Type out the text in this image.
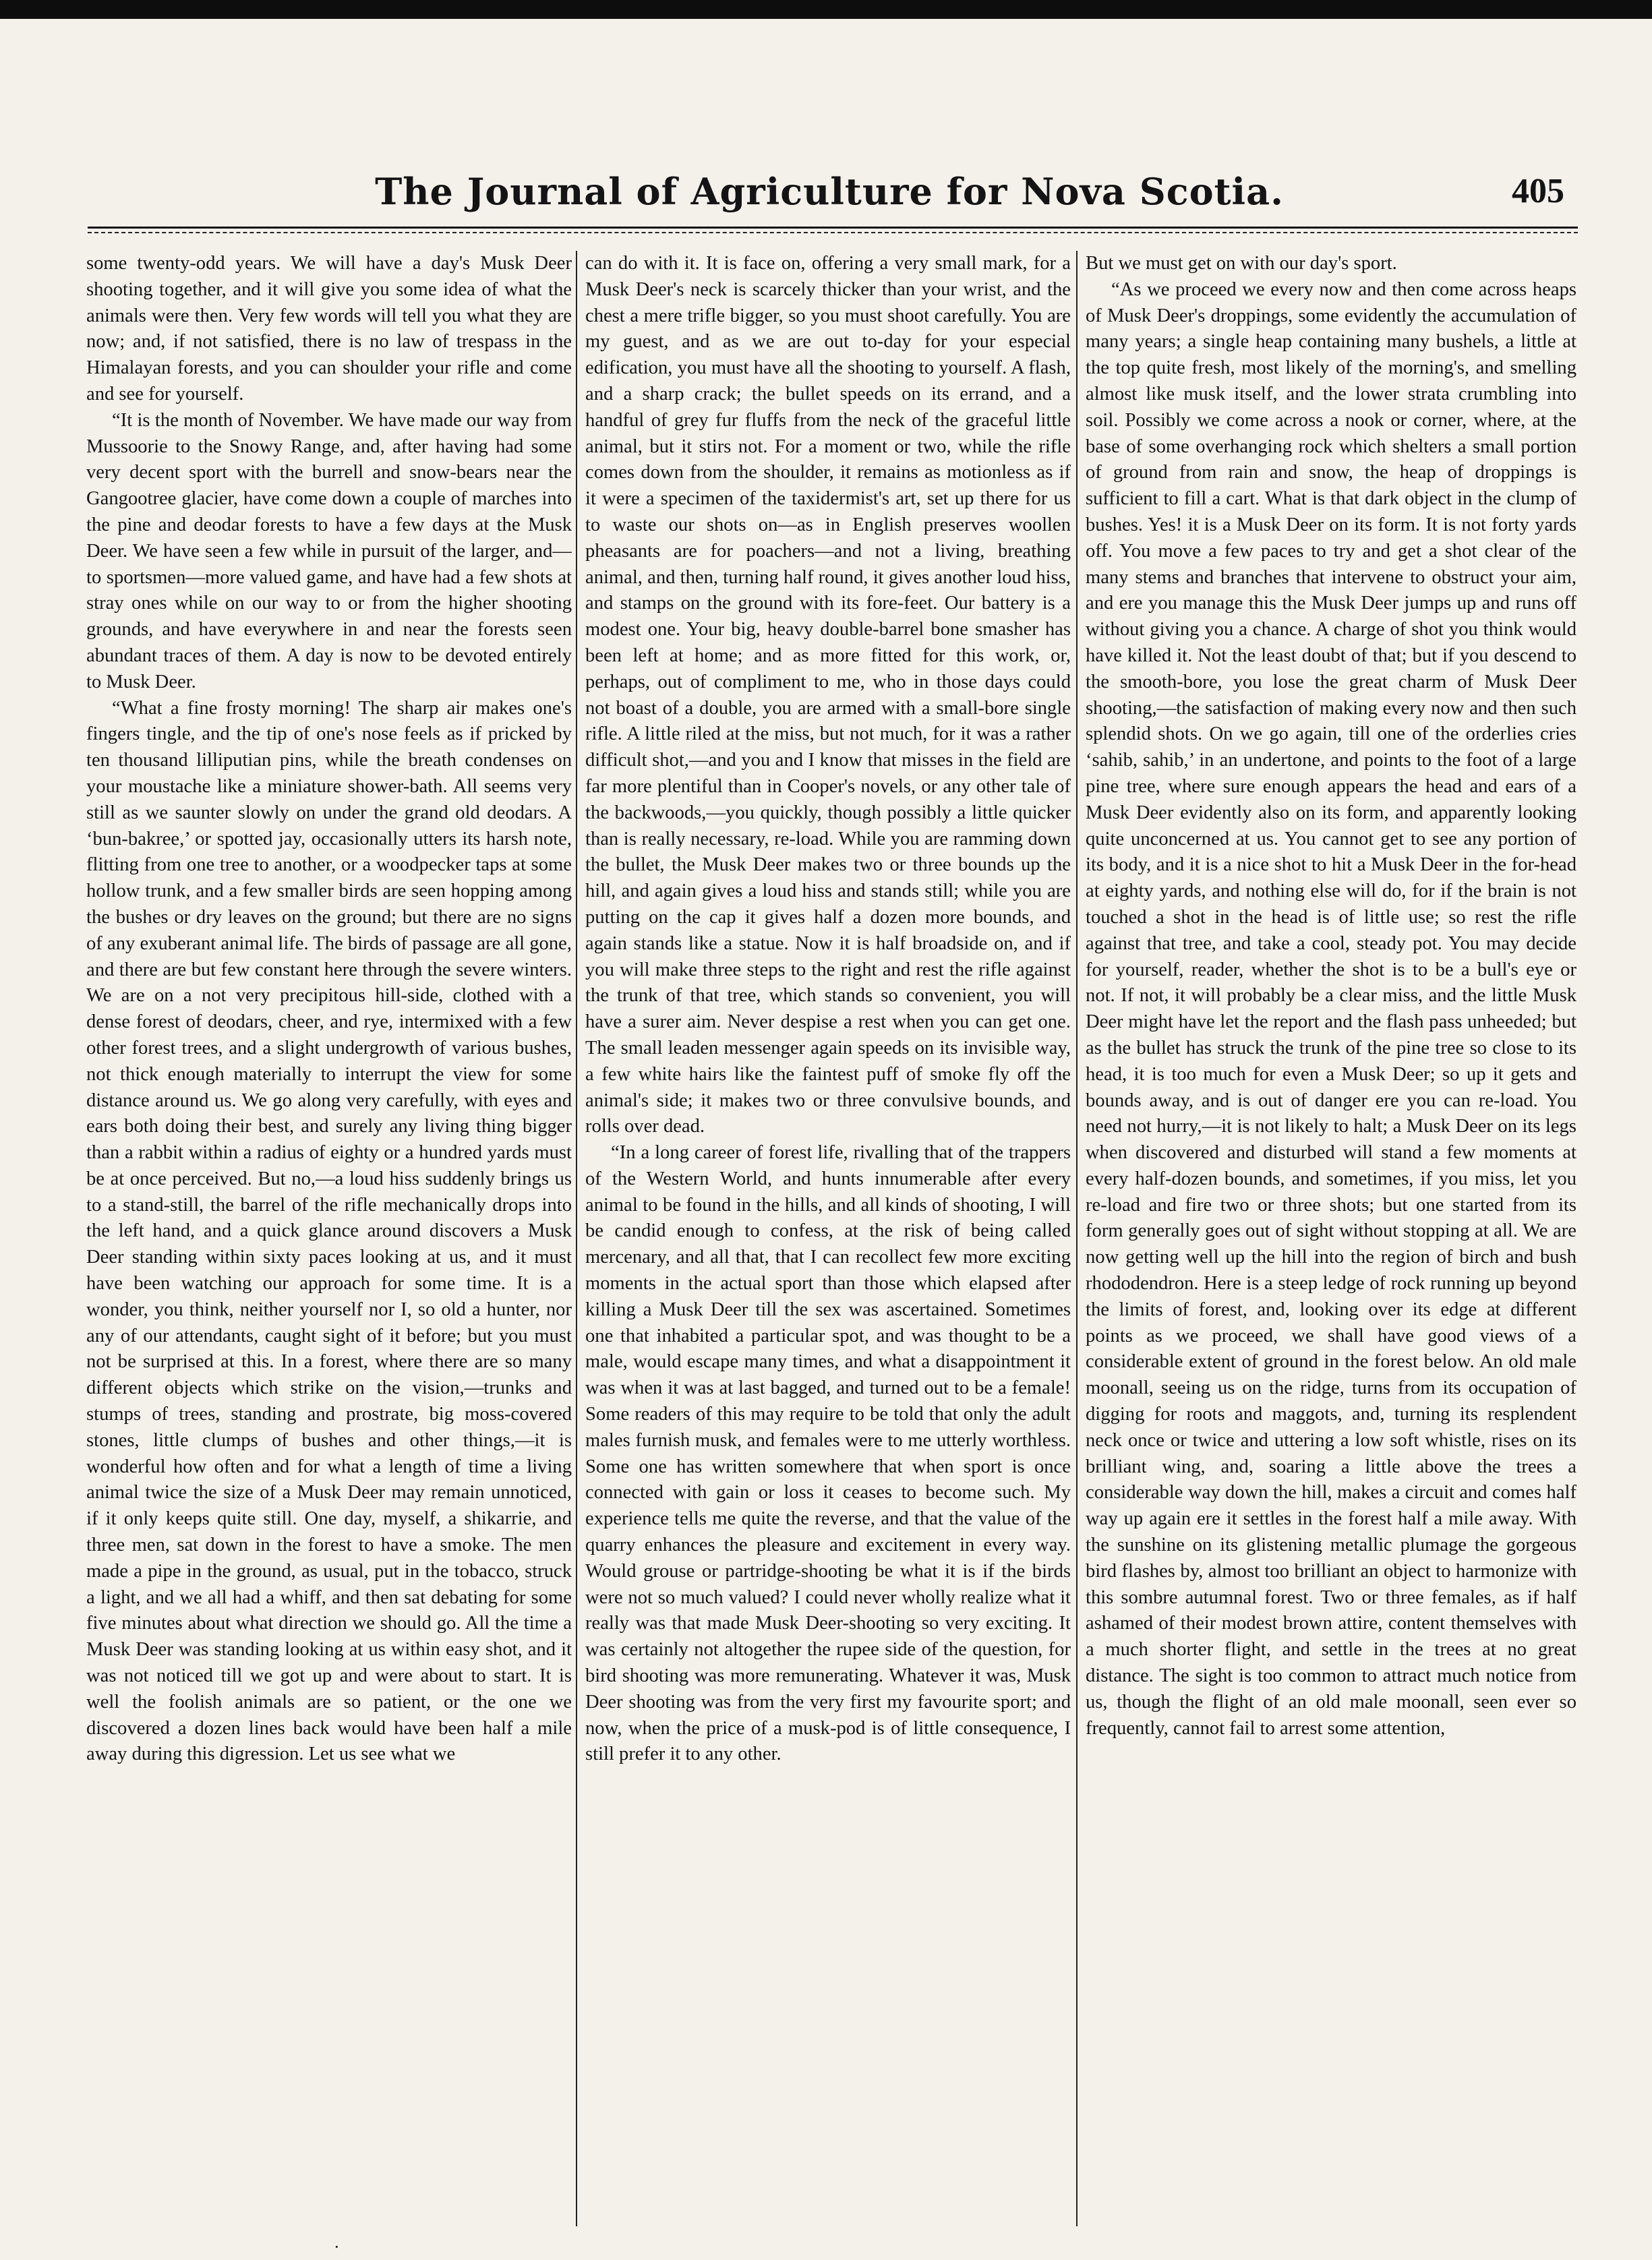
The Journal of Agriculture for Nova Scotia.	405

some twenty-odd years. We will have a day's Musk Deer shooting together, and it will give you some idea of what the animals were then. Very few words will tell you what they are now; and, if not satisfied, there is no law of trespass in the Himalayan forests, and you can shoulder your rifle and come and see for yourself.

“It is the month of November. We have made our way from Mussoorie to the Snowy Range, and, after having had some very decent sport with the burrell and snow-bears near the Gangootree glacier, have come down a couple of marches into the pine and deodar forests to have a few days at the Musk Deer. We have seen a few while in pursuit of the larger, and—to sportsmen—more valued game, and have had a few shots at stray ones while on our way to or from the higher shooting grounds, and have everywhere in and near the forests seen abundant traces of them. A day is now to be devoted entirely to Musk Deer.

“What a fine frosty morning! The sharp air makes one's fingers tingle, and the tip of one's nose feels as if pricked by ten thousand lilliputian pins, while the breath condenses on your moustache like a miniature shower-bath. All seems very still as we saunter slowly on under the grand old deodars. A ‘bun-bakree,’ or spotted jay, occasionally utters its harsh note, flitting from one tree to another, or a woodpecker taps at some hollow trunk, and a few smaller birds are seen hopping among the bushes or dry leaves on the ground; but there are no signs of any exuberant animal life. The birds of passage are all gone, and there are but few constant here through the severe winters. We are on a not very precipitous hill-side, clothed with a dense forest of deodars, cheer, and rye, intermixed with a few other forest trees, and a slight undergrowth of various bushes, not thick enough materially to interrupt the view for some distance around us. We go along very carefully, with eyes and ears both doing their best, and surely any living thing bigger than a rabbit within a radius of eighty or a hundred yards must be at once perceived. But no,—a loud hiss suddenly brings us to a stand-still, the barrel of the rifle mechanically drops into the left hand, and a quick glance around discovers a Musk Deer standing within sixty paces looking at us, and it must have been watching our approach for some time. It is a wonder, you think, neither yourself nor I, so old a hunter, nor any of our attendants, caught sight of it before; but you must not be surprised at this. In a forest, where there are so many different objects which strike on the vision,—trunks and stumps of trees, standing and prostrate, big moss-covered stones, little clumps of bushes and other things,—it is wonderful how often and for what a length of time a living animal twice the size of a Musk Deer may remain unnoticed, if it only keeps quite still. One day, myself, a shikarrie, and three men, sat down in the forest to have a smoke. The men made a pipe in the ground, as usual, put in the tobacco, struck a light, and we all had a whiff, and then sat debating for some five minutes about what direction we should go. All the time a Musk Deer was standing looking at us within easy shot, and it was not noticed till we got up and were about to start. It is well the foolish animals are so patient, or the one we discovered a dozen lines back would have been half a mile away during this digression. Let us see what we

can do with it. It is face on, offering a very small mark, for a Musk Deer's neck is scarcely thicker than your wrist, and the chest a mere trifle bigger, so you must shoot carefully. You are my guest, and as we are out to-day for your especial edification, you must have all the shooting to yourself. A flash, and a sharp crack; the bullet speeds on its errand, and a handful of grey fur fluffs from the neck of the graceful little animal, but it stirs not. For a moment or two, while the rifle comes down from the shoulder, it remains as motionless as if it were a specimen of the taxidermist's art, set up there for us to waste our shots on—as in English preserves woollen pheasants are for poachers—and not a living, breathing animal, and then, turning half round, it gives another loud hiss, and stamps on the ground with its fore-feet. Our battery is a modest one. Your big, heavy double-barrel bone smasher has been left at home; and as more fitted for this work, or, perhaps, out of compliment to me, who in those days could not boast of a double, you are armed with a small-bore single rifle. A little riled at the miss, but not much, for it was a rather difficult shot,—and you and I know that misses in the field are far more plentiful than in Cooper's novels, or any other tale of the backwoods,—you quickly, though possibly a little quicker than is really necessary, re-load. While you are ramming down the bullet, the Musk Deer makes two or three bounds up the hill, and again gives a loud hiss and stands still; while you are putting on the cap it gives half a dozen more bounds, and again stands like a statue. Now it is half broadside on, and if you will make three steps to the right and rest the rifle against the trunk of that tree, which stands so convenient, you will have a surer aim. Never despise a rest when you can get one. The small leaden messenger again speeds on its invisible way, a few white hairs like the faintest puff of smoke fly off the animal's side; it makes two or three convulsive bounds, and rolls over dead.

“In a long career of forest life, rivalling that of the trappers of the Western World, and hunts innumerable after every animal to be found in the hills, and all kinds of shooting, I will be candid enough to confess, at the risk of being called mercenary, and all that, that I can recollect few more exciting moments in the actual sport than those which elapsed after killing a Musk Deer till the sex was ascertained. Sometimes one that inhabited a particular spot, and was thought to be a male, would escape many times, and what a disappointment it was when it was at last bagged, and turned out to be a female! Some readers of this may require to be told that only the adult males furnish musk, and females were to me utterly worthless. Some one has written somewhere that when sport is once connected with gain or loss it ceases to become such. My experience tells me quite the reverse, and that the value of the quarry enhances the pleasure and excitement in every way. Would grouse or partridge-shooting be what it is if the birds were not so much valued? I could never wholly realize what it really was that made Musk Deer-shooting so very exciting. It was certainly not altogether the rupee side of the question, for bird shooting was more remunerating. Whatever it was, Musk Deer shooting was from the very first my favourite sport; and now, when the price of a musk-pod is of little consequence, I still prefer it to any other.

But we must get on with our day's sport.

“As we proceed we every now and then come across heaps of Musk Deer's droppings, some evidently the accumulation of many years; a single heap containing many bushels, a little at the top quite fresh, most likely of the morning's, and smelling almost like musk itself, and the lower strata crumbling into soil. Possibly we come across a nook or corner, where, at the base of some overhanging rock which shelters a small portion of ground from rain and snow, the heap of droppings is sufficient to fill a cart. What is that dark object in the clump of bushes. Yes! it is a Musk Deer on its form. It is not forty yards off. You move a few paces to try and get a shot clear of the many stems and branches that intervene to obstruct your aim, and ere you manage this the Musk Deer jumps up and runs off without giving you a chance. A charge of shot you think would have killed it. Not the least doubt of that; but if you descend to the smooth-bore, you lose the great charm of Musk Deer shooting,—the satisfaction of making every now and then such splendid shots. On we go again, till one of the orderlies cries ‘sahib, sahib,’ in an undertone, and points to the foot of a large pine tree, where sure enough appears the head and ears of a Musk Deer evidently also on its form, and apparently looking quite unconcerned at us. You cannot get to see any portion of its body, and it is a nice shot to hit a Musk Deer in the for-head at eighty yards, and nothing else will do, for if the brain is not touched a shot in the head is of little use; so rest the rifle against that tree, and take a cool, steady pot. You may decide for yourself, reader, whether the shot is to be a bull's eye or not. If not, it will probably be a clear miss, and the little Musk Deer might have let the report and the flash pass unheeded; but as the bullet has struck the trunk of the pine tree so close to its head, it is too much for even a Musk Deer; so up it gets and bounds away, and is out of danger ere you can re-load. You need not hurry,—it is not likely to halt; a Musk Deer on its legs when discovered and disturbed will stand a few moments at every half-dozen bounds, and sometimes, if you miss, let you re-load and fire two or three shots; but one started from its form generally goes out of sight without stopping at all. We are now getting well up the hill into the region of birch and bush rhododendron. Here is a steep ledge of rock running up beyond the limits of forest, and, looking over its edge at different points as we proceed, we shall have good views of a considerable extent of ground in the forest below. An old male moonall, seeing us on the ridge, turns from its occupation of digging for roots and maggots, and, turning its resplendent neck once or twice and uttering a low soft whistle, rises on its brilliant wing, and, soaring a little above the trees a considerable way down the hill, makes a circuit and comes half way up again ere it settles in the forest half a mile away. With the sunshine on its glistening metallic plumage the gorgeous bird flashes by, almost too brilliant an object to harmonize with this sombre autumnal forest. Two or three females, as if half ashamed of their modest brown attire, content themselves with a much shorter flight, and settle in the trees at no great distance. The sight is too common to attract much notice from us, though the flight of an old male moonall, seen ever so frequently, cannot fail to arrest some attention,

·
